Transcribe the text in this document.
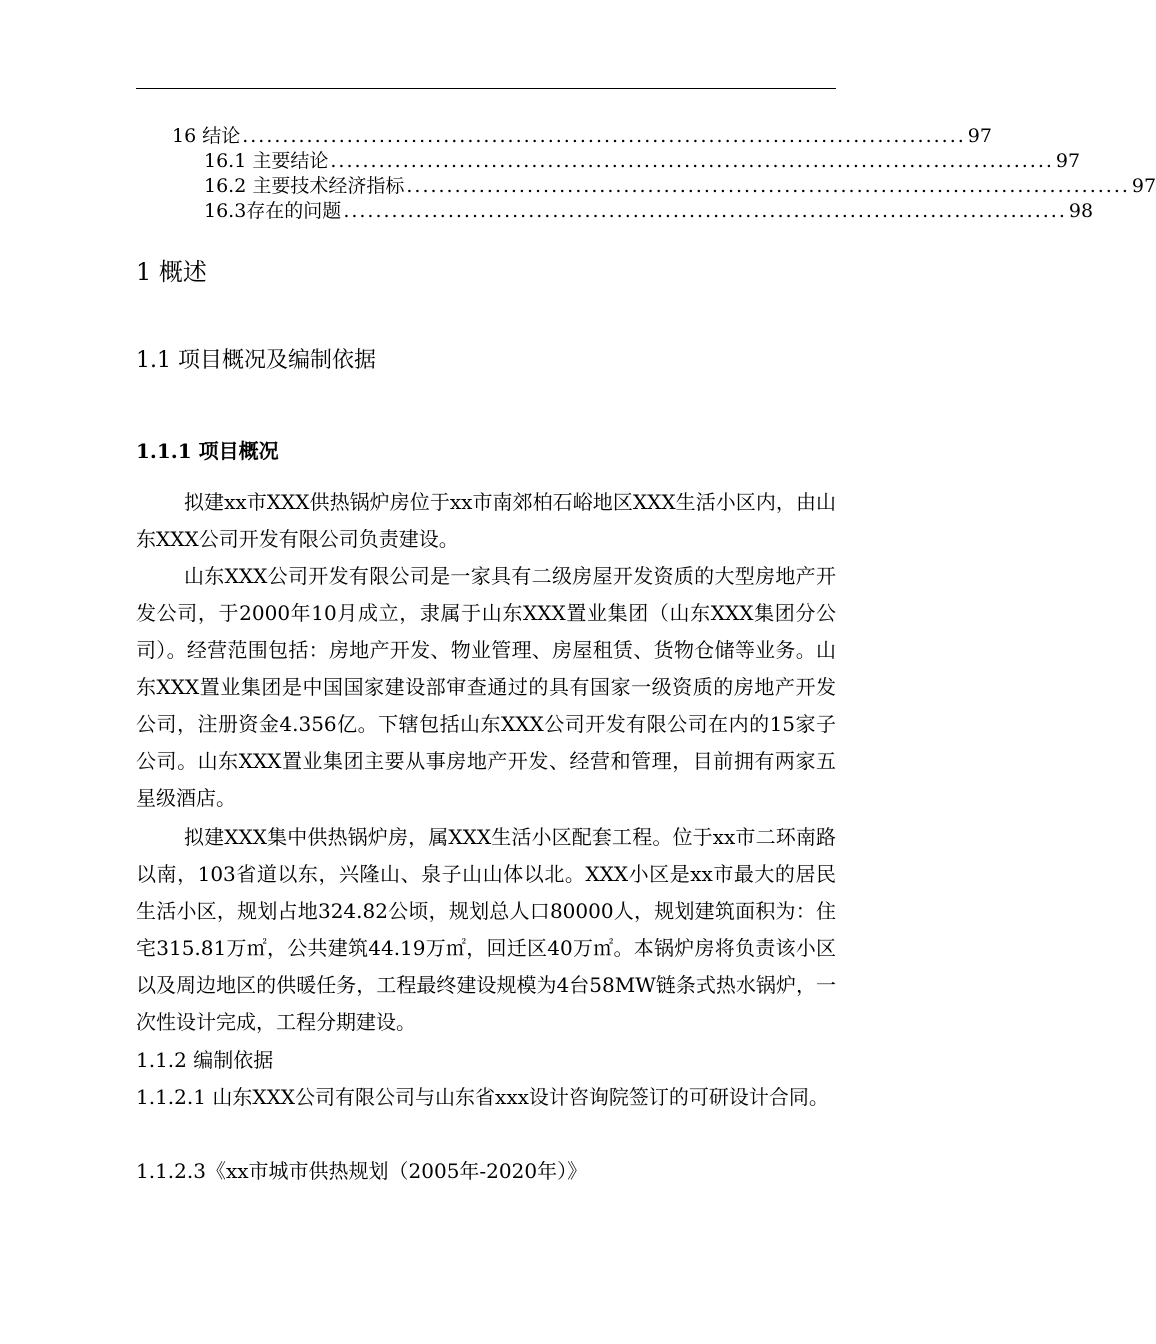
16 结论 .......................................................................................... 97
16.1 主要结论 .......................................................................................... 97
16.2 主要技术经济指标 .......................................................................................... 97
16.3存在的问题 .......................................................................................... 98
1 概述
1.1 项目概况及编制依据
1.1.1 项目概况

拟建xx市XXX供热锅炉房位于xx市南郊柏石峪地区XXX生活小区内，由山东XXX公司开发有限公司负责建设。

山东XXX公司开发有限公司是一家具有二级房屋开发资质的大型房地产开发公司，于2000年10月成立，隶属于山东XXX置业集团（山东XXX集团分公司）。经营范围包括：房地产开发、物业管理、房屋租赁、货物仓储等业务。山东XXX置业集团是中国国家建设部审查通过的具有国家一级资质的房地产开发公司，注册资金4.356亿。下辖包括山东XXX公司开发有限公司在内的15家子公司。山东XXX置业集团主要从事房地产开发、经营和管理，目前拥有两家五星级酒店。

拟建XXX集中供热锅炉房，属XXX生活小区配套工程。位于xx市二环南路以南，103省道以东，兴隆山、泉子山山体以北。XXX小区是xx市最大的居民生活小区，规划占地324.82公顷，规划总人口80000人，规划建筑面积为：住宅315.81万㎡，公共建筑44.19万㎡，回迁区40万㎡。本锅炉房将负责该小区以及周边地区的供暖任务，工程最终建设规模为4台58MW链条式热水锅炉，一次性设计完成，工程分期建设。

1.1.2 编制依据

1.1.2.1 山东XXX公司有限公司与山东省xxx设计咨询院签订的可研设计合同。

1.1.2.3《xx市城市供热规划（2005年-2020年）》
